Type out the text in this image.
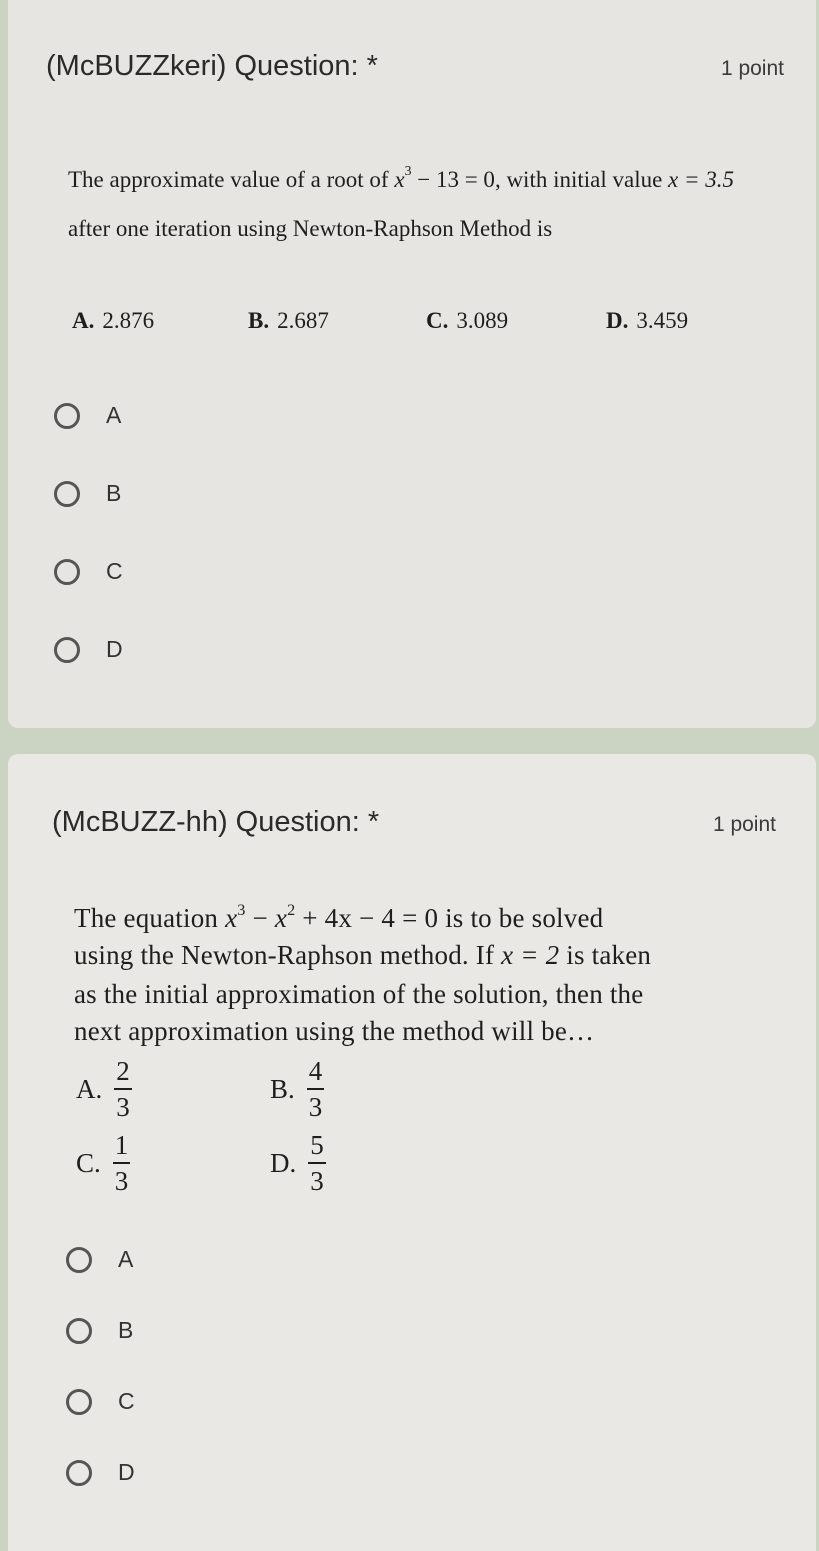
(McBUZZkeri) Question: *	1 point
The approximate value of a root of $x^3 - 13 = 0$, with initial value x = 3.5
after one iteration using Newton-Raphson Method is
A. 2.876	B. 2.687	C. 3.089	D. 3.459
A
B
C
D
(McBUZZ-hh) Question: *	1 point
The equation $x^3 - x^2 + 4x - 4 = 0$ is to be solved
using the Newton-Raphson method. If x = 2 is taken
as the initial approximation of the solution, then the
next approximation using the method will be…
A. $\frac{2}{3}$	B. $\frac{4}{3}$
C. $\frac{1}{3}$	D. $\frac{5}{3}$
A
B
C
D
